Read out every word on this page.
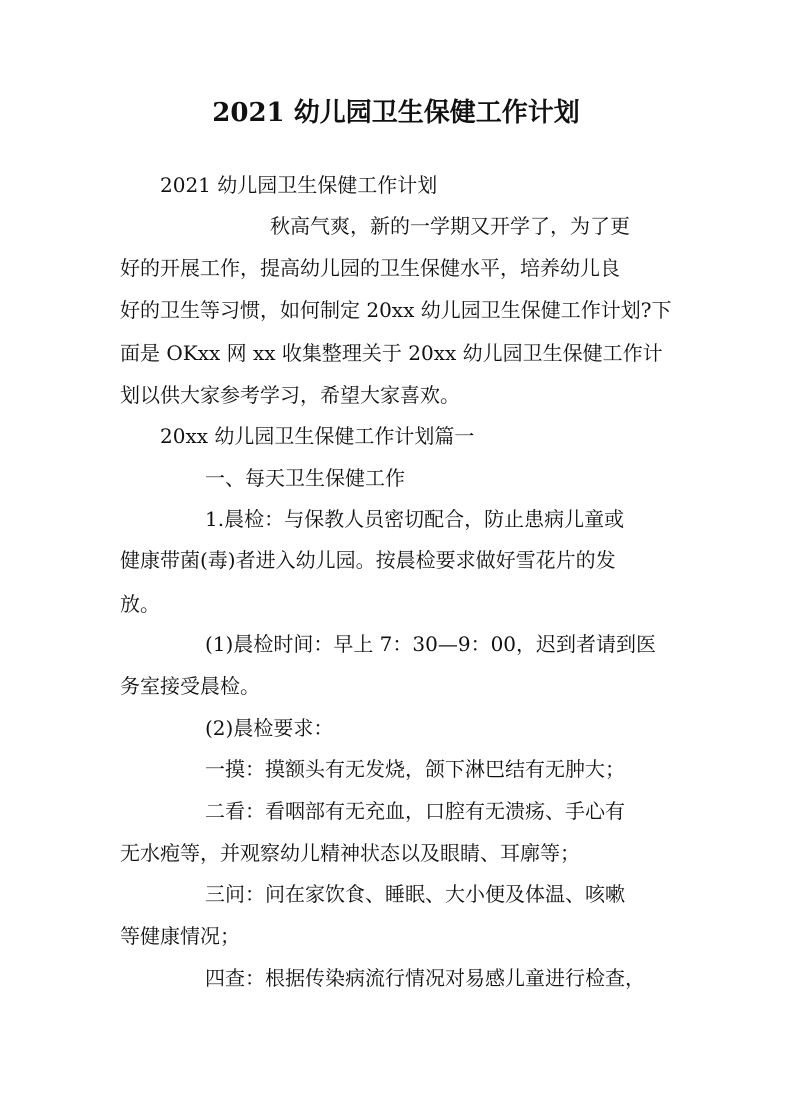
2021 幼儿园卫生保健工作计划
2021 幼儿园卫生保健工作计划
秋高气爽，新的一学期又开学了，为了更
好的开展工作，提高幼儿园的卫生保健水平，培养幼儿良
好的卫生等习惯，如何制定 20xx 幼儿园卫生保健工作计划?下
面是 OKxx 网 xx 收集整理关于 20xx 幼儿园卫生保健工作计
划以供大家参考学习，希望大家喜欢。
20xx 幼儿园卫生保健工作计划篇一
一、每天卫生保健工作
1.晨检：与保教人员密切配合，防止患病儿童或
健康带菌(毒)者进入幼儿园。按晨检要求做好雪花片的发
放。
(1)晨检时间：早上 7：30—9：00，迟到者请到医
务室接受晨检。
(2)晨检要求：
一摸：摸额头有无发烧，颌下淋巴结有无肿大；
二看：看咽部有无充血，口腔有无溃疡、手心有
无水疱等，并观察幼儿精神状态以及眼睛、耳廓等；
三问：问在家饮食、睡眠、大小便及体温、咳嗽
等健康情况；
四查：根据传染病流行情况对易感儿童进行检查，
